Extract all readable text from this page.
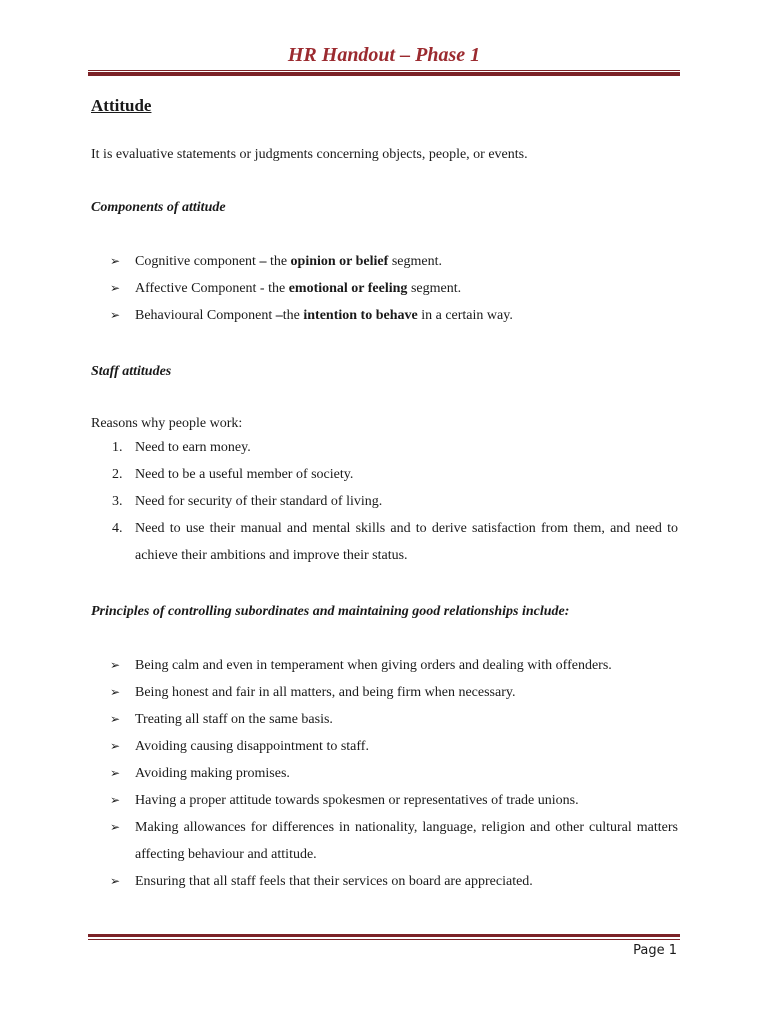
HR Handout – Phase 1
Attitude

It is evaluative statements or judgments concerning objects, people, or events.

Components of attitude

➢ Cognitive component – the opinion or belief segment.
➢ Affective Component - the emotional or feeling segment.
➢ Behavioural Component –the intention to behave in a certain way.

Staff attitudes

Reasons why people work:

1. Need to earn money.
2. Need to be a useful member of society.
3. Need for security of their standard of living.
4. Need to use their manual and mental skills and to derive satisfaction from them, and need to achieve their ambitions and improve their status.

Principles of controlling subordinates and maintaining good relationships include:

➢ Being calm and even in temperament when giving orders and dealing with offenders.
➢ Being honest and fair in all matters, and being firm when necessary.
➢ Treating all staff on the same basis.
➢ Avoiding causing disappointment to staff.
➢ Avoiding making promises.
➢ Having a proper attitude towards spokesmen or representatives of trade unions.
➢ Making allowances for differences in nationality, language, religion and other cultural matters affecting behaviour and attitude.
➢ Ensuring that all staff feels that their services on board are appreciated.
Page 1
